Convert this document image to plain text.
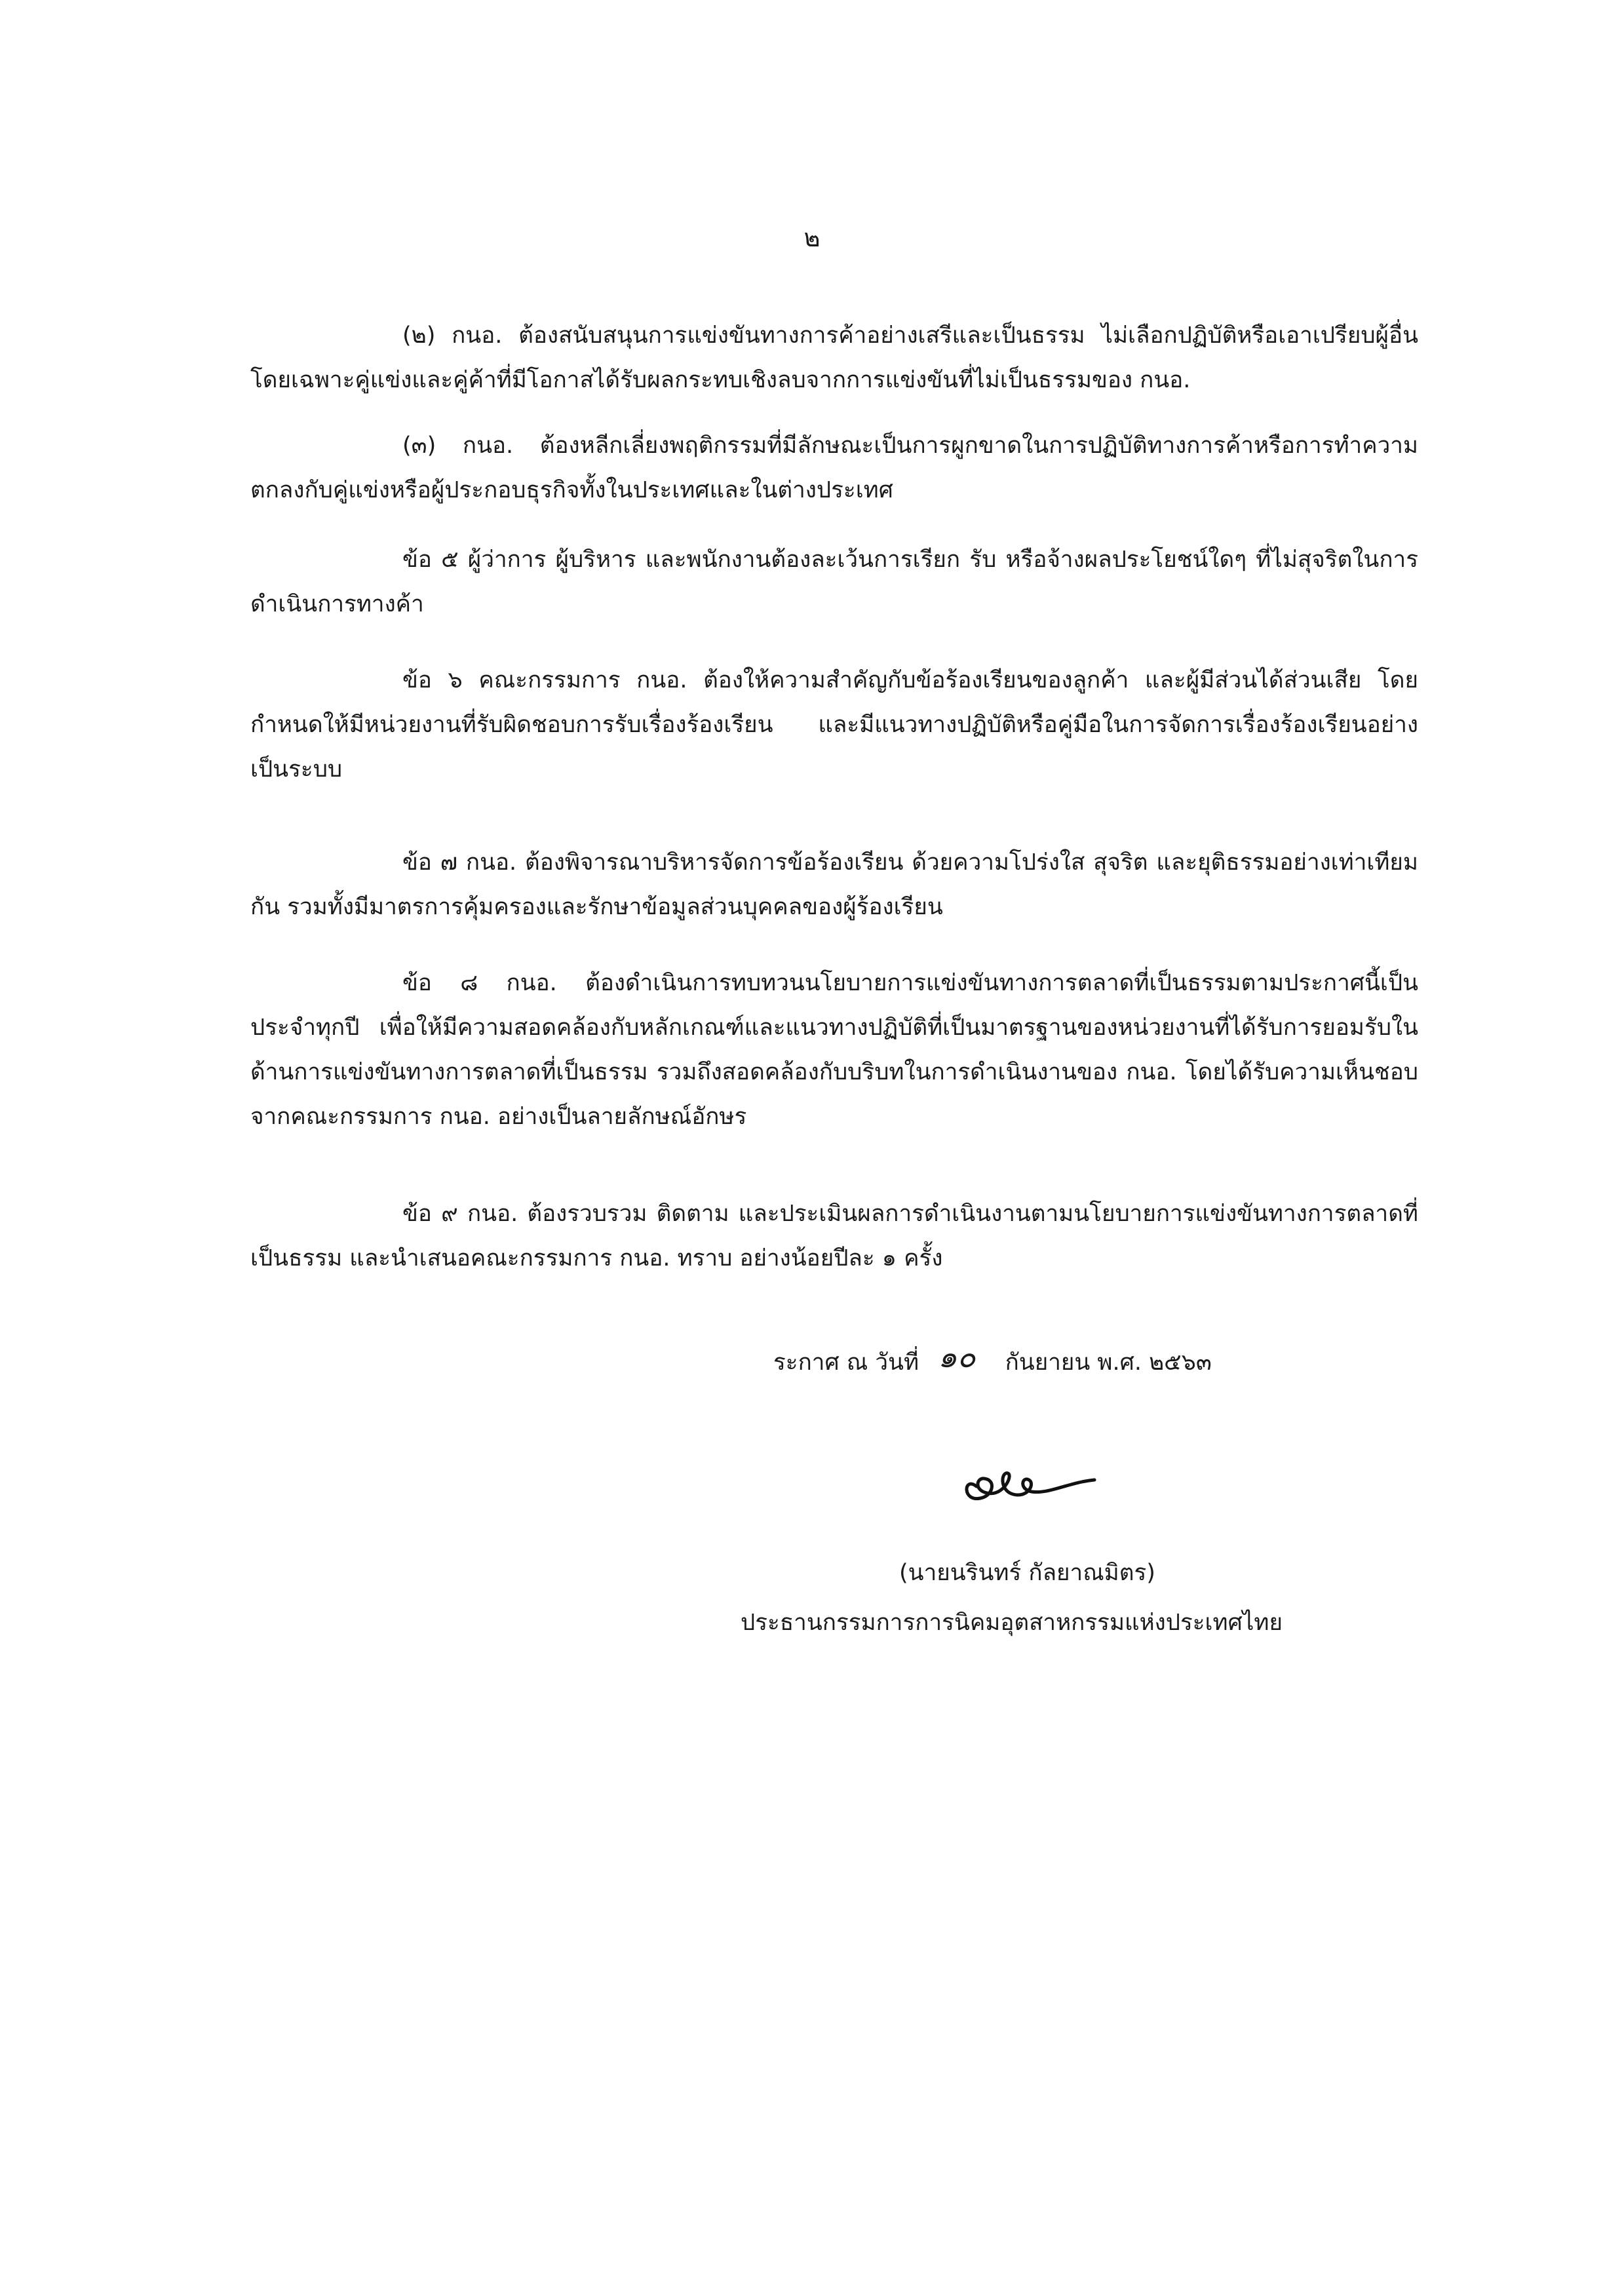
๒

(๒) กนอ. ต้องสนับสนุนการแข่งขันทางการค้าอย่างเสรีและเป็นธรรม ไม่เลือกปฏิบัติหรือเอาเปรียบผู้อื่น โดยเฉพาะคู่แข่งและคู่ค้าที่มีโอกาสได้รับผลกระทบเชิงลบจากการแข่งขันที่ไม่เป็นธรรมของ กนอ.

(๓) กนอ. ต้องหลีกเลี่ยงพฤติกรรมที่มีลักษณะเป็นการผูกขาดในการปฏิบัติทางการค้าหรือการทำความตกลงกับคู่แข่งหรือผู้ประกอบธุรกิจทั้งในประเทศและในต่างประเทศ

ข้อ ๕ ผู้ว่าการ ผู้บริหาร และพนักงานต้องละเว้นการเรียก รับ หรือจ้างผลประโยชน์ใดๆ ที่ไม่สุจริตในการดำเนินการทางค้า

ข้อ ๖ คณะกรรมการ กนอ. ต้องให้ความสำคัญกับข้อร้องเรียนของลูกค้า และผู้มีส่วนได้ส่วนเสีย โดยกำหนดให้มีหน่วยงานที่รับผิดชอบการรับเรื่องร้องเรียน และมีแนวทางปฏิบัติหรือคู่มือในการจัดการเรื่องร้องเรียนอย่างเป็นระบบ

ข้อ ๗ กนอ. ต้องพิจารณาบริหารจัดการข้อร้องเรียน ด้วยความโปร่งใส สุจริต และยุติธรรมอย่างเท่าเทียมกัน รวมทั้งมีมาตรการคุ้มครองและรักษาข้อมูลส่วนบุคคลของผู้ร้องเรียน

ข้อ ๘ กนอ. ต้องดำเนินการทบทวนนโยบายการแข่งขันทางการตลาดที่เป็นธรรมตามประกาศนี้เป็นประจำทุกปี เพื่อให้มีความสอดคล้องกับหลักเกณฑ์และแนวทางปฏิบัติที่เป็นมาตรฐานของหน่วยงานที่ได้รับการยอมรับในด้านการแข่งขันทางการตลาดที่เป็นธรรม รวมถึงสอดคล้องกับบริบทในการดำเนินงานของ กนอ. โดยได้รับความเห็นชอบจากคณะกรรมการ กนอ. อย่างเป็นลายลักษณ์อักษร

ข้อ ๙ กนอ. ต้องรวบรวม ติดตาม และประเมินผลการดำเนินงานตามนโยบายการแข่งขันทางการตลาดที่เป็นธรรม และนำเสนอคณะกรรมการ กนอ. ทราบ อย่างน้อยปีละ ๑ ครั้ง

ระกาศ ณ วันที่ ๑๐ กันยายน พ.ศ. ๒๕๖๓
(นายนรินทร์ กัลยาณมิตร)
ประธานกรรมการการนิคมอุตสาหกรรมแห่งประเทศไทย
